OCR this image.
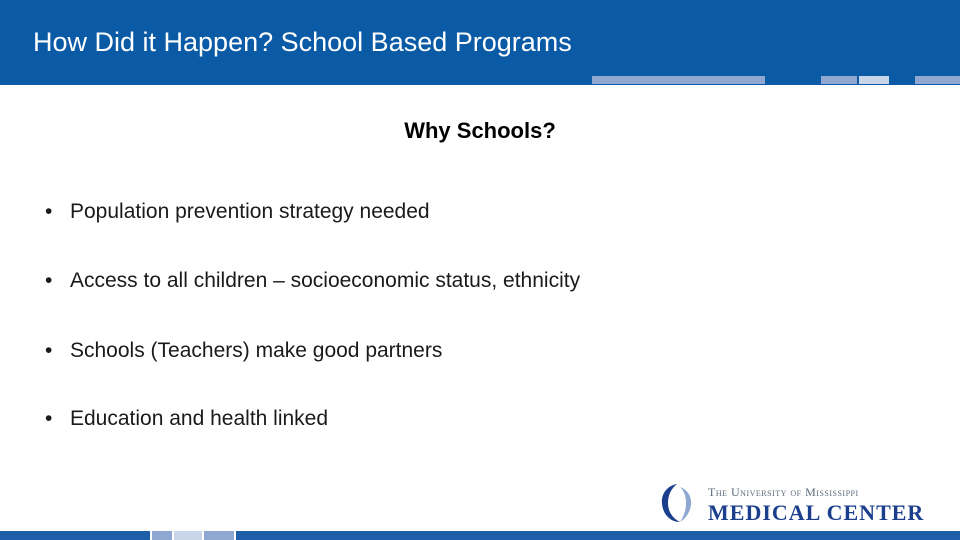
How Did it Happen? School Based Programs
Why Schools?
• Population prevention strategy needed
• Access to all children – socioeconomic status, ethnicity
• Schools (Teachers) make good partners
• Education and health linked
The University of Mississippi
MEDICAL CENTER
